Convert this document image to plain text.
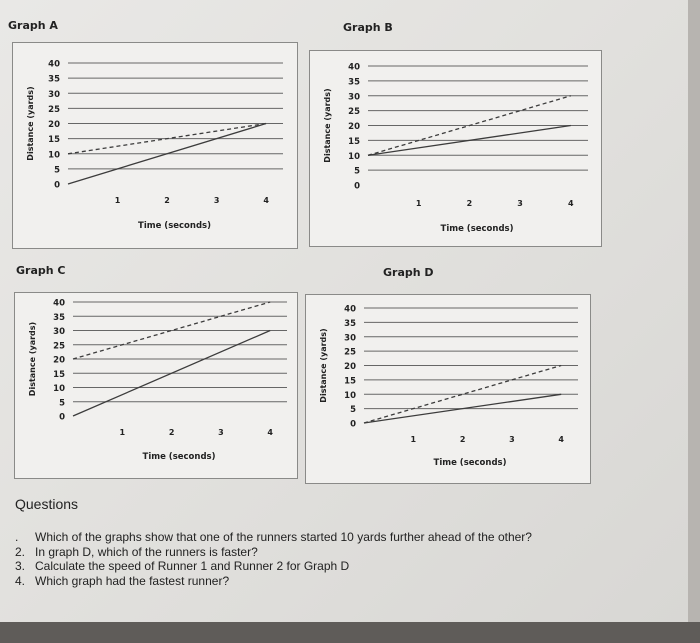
Graph A	Graph B
Graph C	Graph D
0
5
10
15
20
25
30
35
40
1	2	3	4
Time (seconds)
Distance (yards)
0
5
10
15
20
25
30
35
40
1	2	3	4
Time (seconds)
Distance (yards)
0
5
10
15
20
25
30
35
40
1	2	3	4
Time (seconds)
Distance (yards)
0
5
10
15
20
25
30
35
40
1	2	3	4
Time (seconds)
Distance (yards)
Questions
.	Which of the graphs show that one of the runners started 10 yards further ahead of the other?
2. In graph D, which of the runners is faster?
3. Calculate the speed of Runner 1 and Runner 2 for Graph D
4. Which graph had the fastest runner?
